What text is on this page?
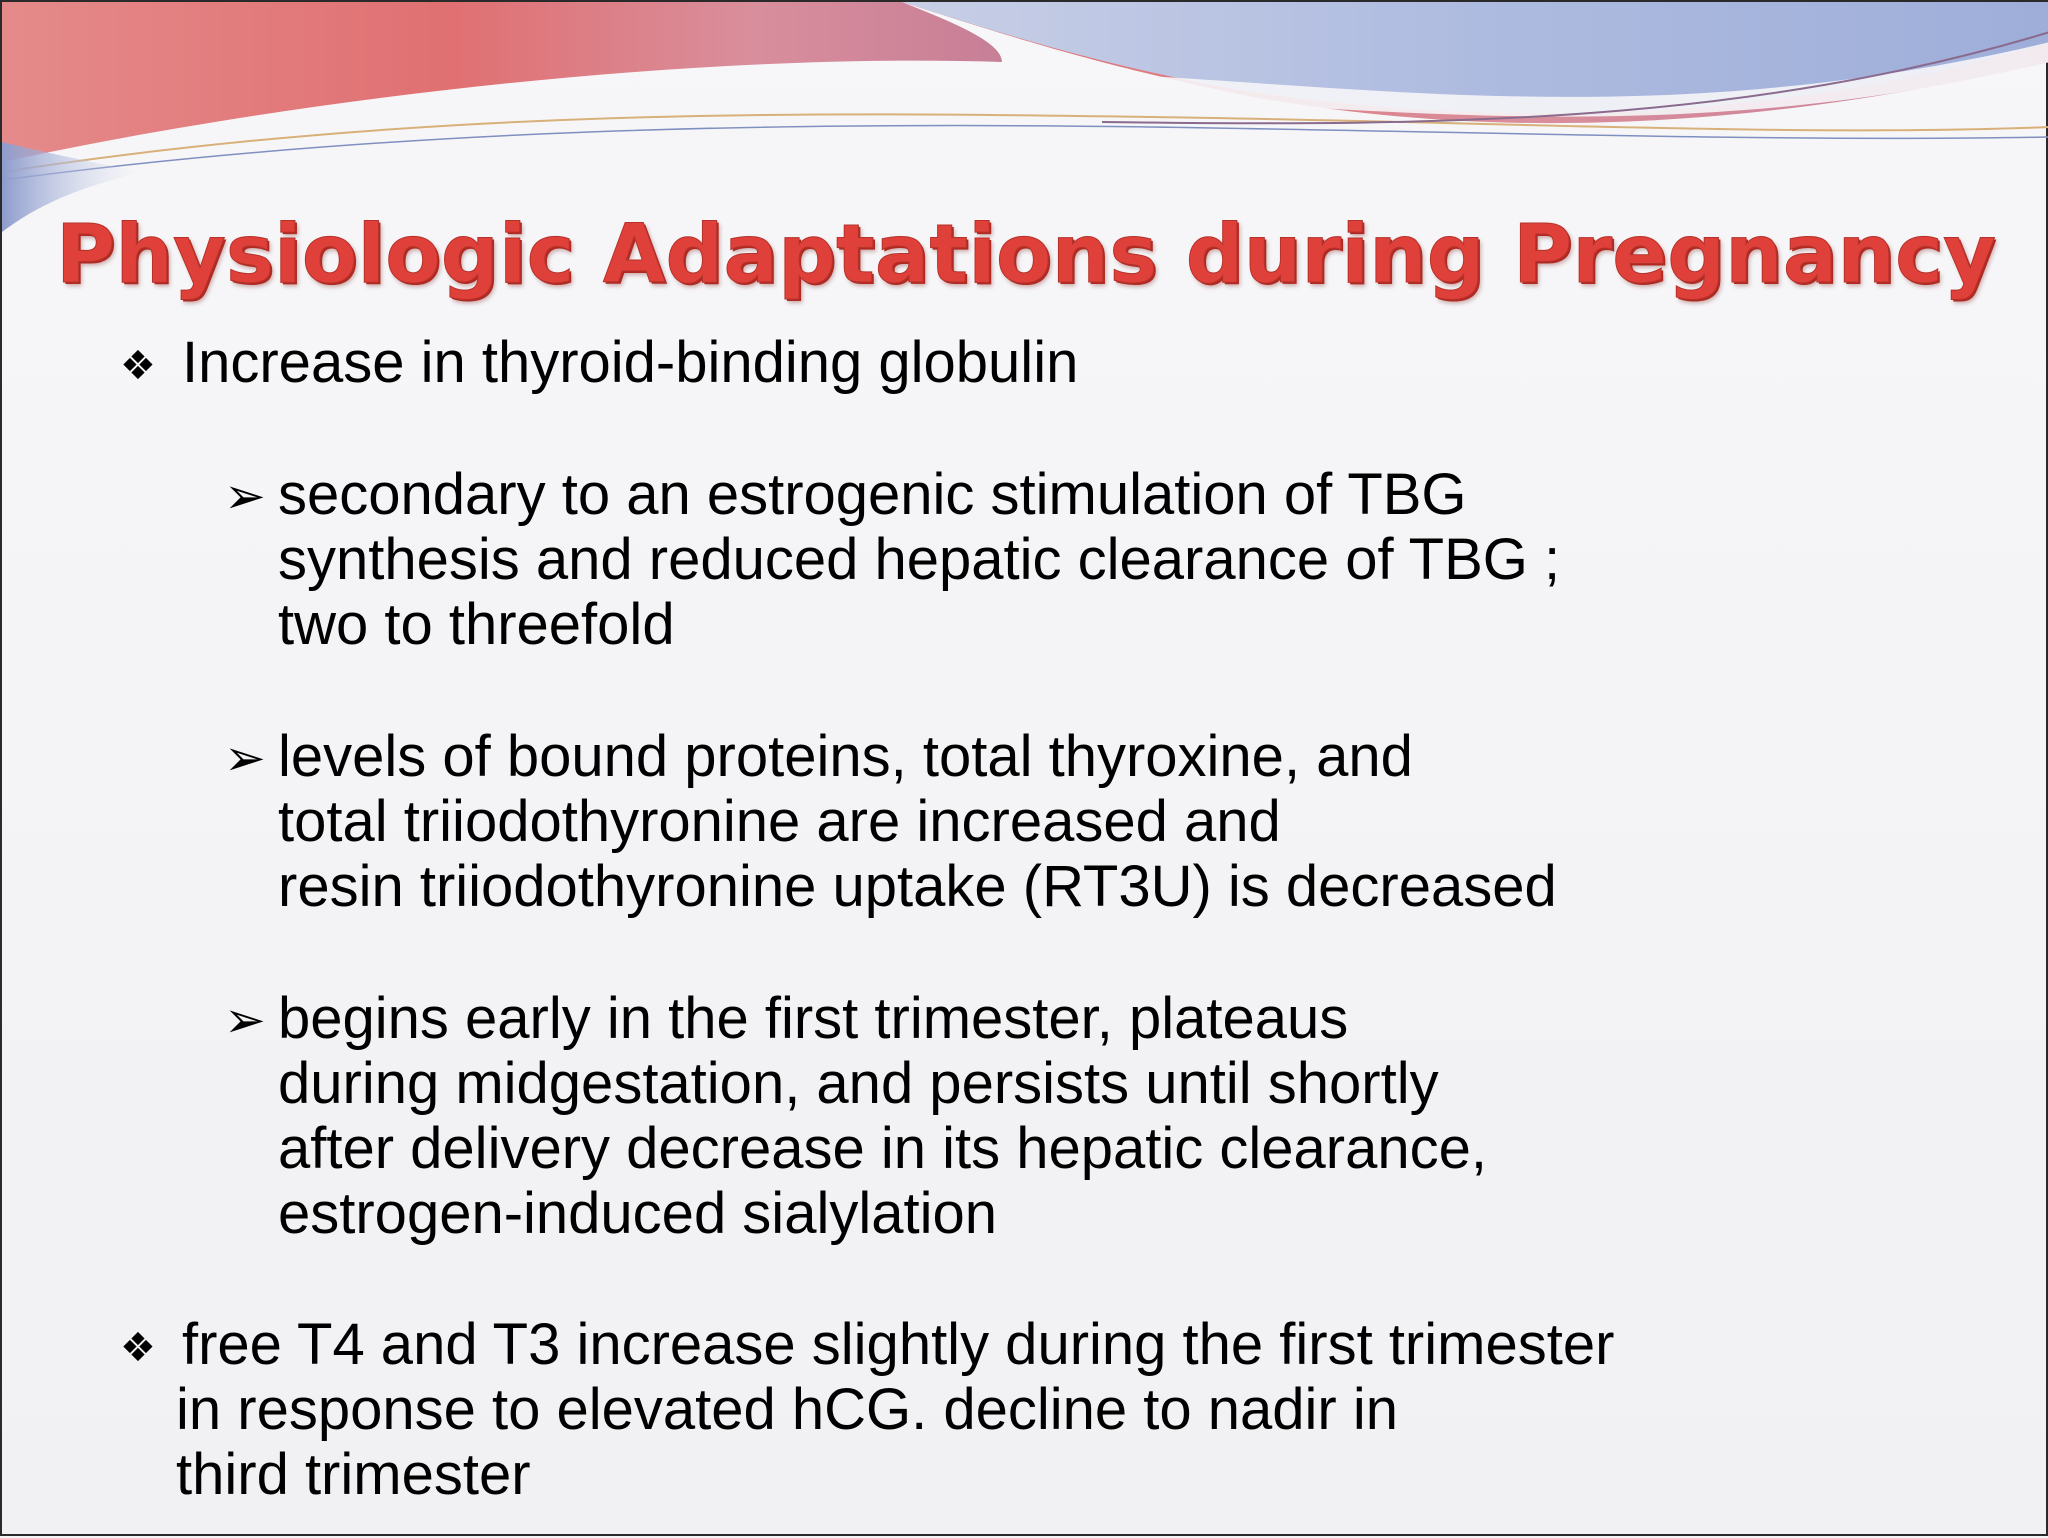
Physiologic Adaptations during Pregnancy
❖ Increase in thyroid-binding globulin
➢ secondary to an estrogenic stimulation of TBG
synthesis and reduced hepatic clearance of TBG ;
two to threefold
➢ levels of bound proteins, total thyroxine, and
total triiodothyronine are increased and
resin triiodothyronine uptake (RT3U) is decreased
➢ begins early in the first trimester, plateaus
during midgestation, and persists until shortly
after delivery decrease in its hepatic clearance,
estrogen-induced sialylation
❖ free T4 and T3 increase slightly during the first trimester
in response to elevated hCG. decline to nadir in
third trimester
